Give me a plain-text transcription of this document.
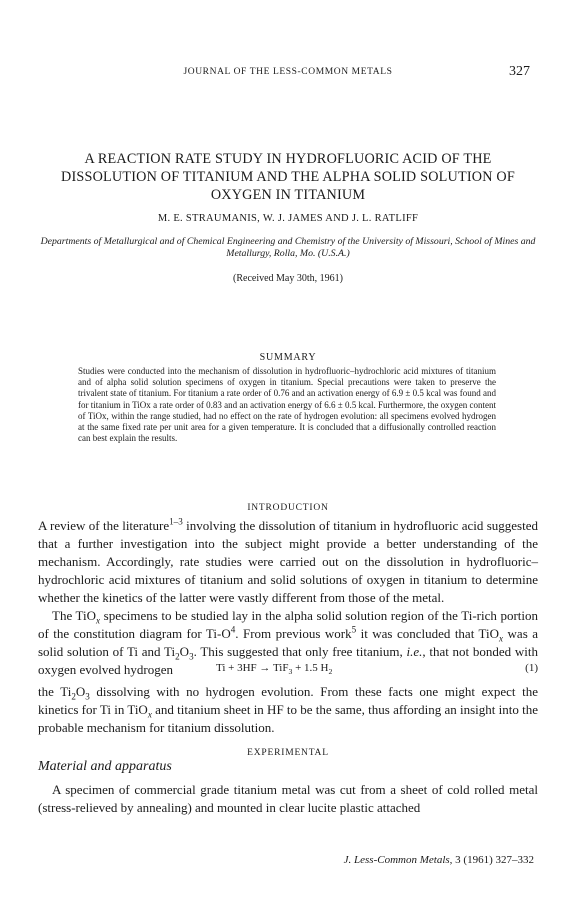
JOURNAL OF THE LESS-COMMON METALS	327
A REACTION RATE STUDY IN HYDROFLUORIC ACID OF THE DISSOLUTION OF TITANIUM AND THE ALPHA SOLID SOLUTION OF OXYGEN IN TITANIUM
M. E. STRAUMANIS, W. J. JAMES AND J. L. RATLIFF
Departments of Metallurgical and of Chemical Engineering and Chemistry of the University of Missouri, School of Mines and Metallurgy, Rolla, Mo. (U.S.A.)
(Received May 30th, 1961)
SUMMARY
Studies were conducted into the mechanism of dissolution in hydrofluoric–hydrochloric acid mixtures of titanium and of alpha solid solution specimens of oxygen in titanium. Special precautions were taken to preserve the trivalent state of titanium. For titanium a rate order of 0.76 and an activation energy of 6.9 ± 0.5 kcal was found and for titanium in TiOx a rate order of 0.83 and an activation energy of 6.6 ± 0.5 kcal. Furthermore, the oxygen content of TiOx, within the range studied, had no effect on the rate of hydrogen evolution: all specimens evolved hydrogen at the same fixed rate per unit area for a given temperature. It is concluded that a diffusionally controlled reaction can best explain the results.
INTRODUCTION
A review of the literature$^{1-3}$ involving the dissolution of titanium in hydrofluoric acid suggested that a further investigation into the subject might provide a better understanding of the mechanism. Accordingly, rate studies were carried out on the dissolution in hydrofluoric–hydrochloric acid mixtures of titanium and solid solutions of oxygen in titanium to determine whether the kinetics of the latter were vastly different from those of the metal.
The TiO$_x$ specimens to be studied lay in the alpha solid solution region of the Ti-rich portion of the constitution diagram for $Ti-O^4$. From previous work$^5$ it was concluded that TiO$_x$ was a solid solution of Ti and $Ti_2O_3$. This suggested that only free titanium, i.e., that not bonded with oxygen evolved hydrogen	Ti + 3HF → TiF$_3$ + 1.5 $H_2$	(1)
the $Ti_2O_3$ dissolving with no hydrogen evolution. From these facts one might expect the kinetics for Ti in TiO$_x$ and titanium sheet in HF to be the same, thus affording an insight into the probable mechanism for titanium dissolution.
EXPERIMENTAL
Material and apparatus
A specimen of commercial grade titanium metal was cut from a sheet of cold rolled metal (stress-relieved by annealing) and mounted in clear lucite plastic attached
J. Less-Common Metals, 3 (1961) 327–332
